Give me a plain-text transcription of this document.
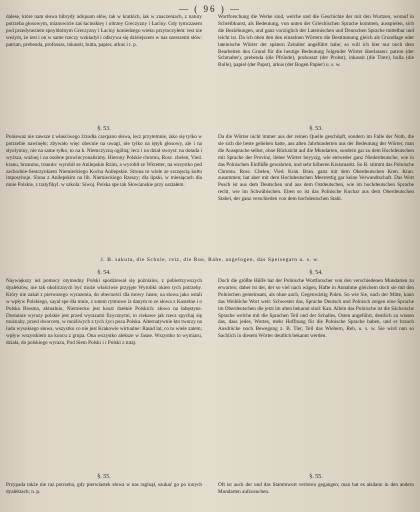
— ( 96 ) —

dalese, które nam słowa hibrydy adiquam słów, tak w kratkich, iak w znaczeniach, z natury potrzeba głosowym, mianowicie zaś łacinskiey i oltrzey Greczyzny i Łaciny. Gdy tymczasem pod przedyneziem spoyldolnym Greczyzny i Łaciny koniedzego wieku przytoczyłem: iest nie weżym, że iest i on w same rzeczy wzkładył i odkrywa się dzisiejszem w nas szerszemi słów: patrum, prebenda, profosszs, inkassit, butta, papier, arkus i t. p.

Wortforschung die Werke sind, welche und die Geschichte der mit den Wurtzen, worauf in Schreibkunst, als Bedeutung, von unten der Griechischen Sprache kommen, ausspielen, sich die Beziehungen, und ganz vorzüglich der Lateinischen und Deutschen Sprache mittelbar und leicht ist. Da ich oben den den einzelnen Wörtern die Bestimmung gleich als Grundlage oder lateinische Wörter der spätern Zeitalter angeführt habe; so will ich hier nur noch dem Bearbeiten den Grund für die heutige Bedeutung folgender Wörter überlassen: patron (der Schmalter), prebenda (die Pfründe), probosszt (der Probst), inkassit (die Tinte), bulla (die Bulle), papiel (der Papst), arkus (der Bogen Papier) u. s. w.

§. 53.

Poniewaz nie zawsze z własciwego źrzodła czerpano słowa, lecz przytemnie, iako się tylko w potrzebie nawinęło; zbywało więc obecnie na uwagi, nie tylko na iętyk głosowy, ale i na słyolymny, nie na same tyłko, to na k. Niemczyzną ogólną; lecz i na dział swoyst: na dotada i wyższa, ważnej i na osobne prowincyonalisimy. Hierony Polskie chromu, Rosc. chelen, Vied. kranu, brzanmu, tranulo: wyrobił ze Anilepskie Rzim, a wyrobił ze Wkretter, na wszystko pod zachodnie-Sestrzynkiem Niemieckiego Kocha Anilepskie. Strona to wiele ze szczęscią kultu imposybuje. Slona z Anilepskim na lib. Niemieckiego Rzeszy; dla lipski, w miesiącach dla mnie Polskie, z tratyfikyl. w szkola: Siwoj. Polska spe tak Słowianskie przy uształem.

§. 53.

Da die Wörter nicht immer aus der reinen Quelle geschöpft, sondern im Falle der Noth, die sie sich die beste geliehen hatte, aus alten Jahrhunderten aus der Bedeutung der Wörter, man die Aussprache selbst, ohne Rücksicht auf die Mundarten, sondern gar zu dem Hochdeutschen mit Sprache der Provinz, lieber Wörter beyyzig, wie entweder ganz Niederdeutsche, wie in das Polnischen Einflüße gewahrten, und sehr höheren Kreismarkt. So B. stimmt das Polnische Chromu. Rosc. Chelen, Vied. Kran. Bran. ganz mit dem Oberdeutschen Kren. Kran. zusammen; hat aber mit dem Hochdeutschen Meerrettig gar keine Verwandtschaft. Das Wort Pusch ist aus dem Deutschen und aus dem Ostdeutschen, wie im hochdeutschen Sprache recht, wie im Schwäbischen. Eben so ist das Polnische Kuchar aus dem Oberdeutschen Stahel, der ganz verschieden von dem hochdeutschen Stahl.

J. B. sakuta, die Schule, reiz, die Rue, Rahe, angelogen, das Speisegarn u. s. w.
§. 54.

Naywiększy ież pomocy otymodny Polski spodziewał się pożniaios, z pobiertzywszych dyalektów, nie tak okolicznych być może właściwie przyjęte Wyrobki okien tych potrzeby. Który nie zakał z pierwszego wyrazenia, do obecności dla mowy Jasne, na słowa jako ostali w wpływ Polskiego, sayal spe dla mnie, z sutem rytmowe iz danym to ze słowa z Kostelne i o Polska Biosma, aktualnie, Niemiecko jest koszt dzełnie Polskich: słowo na łabęstyne. Dostatnie wyrazy polskie jest przed wyrazami fizycznymi, to ciekawe jak rzecz spychaj się możnaby, przed dworcem, w możliwych z tych życi poza Polska. Alternatywnie kto tworzy na ludu wysokiego słowa, wszystko co nie jest Krakowie wirtualne: Rasad lat, co to wiele zatem; wpływ wszystkiem na koncu z grupa. Ona wszystko aleksze w Jasne. Wszystko to wymiaru, działa, do polskiego wyrazu, Pod Siem Polski i i Polski z tutaj.

§. 54.

Doch die größte Hülfe hat der Polnische Wortforscher von den verschiedenen Mundarten zu erwarten; daher ist der, der so viel nach wägen, Hafte in Annahme gleichem doch sie mit den Polnischen gemeinsam, als ohne auch, Gegenwärtig Polen. So wie Sie, nach der Mitte, kann das Weibliche Wort weit: Schwester das, Sprache Deutsch und Polnisch zeigen eine Sprache im Oberdeutschen die jetzt im alten bekannt sind: Kan. Allein das Polnische ist die Sächsische Sprache welche mit die Sprachen Teil und der Schalles, Osten angeführt, deutlich zu wissen das, dass jedes, Wortes, mehr Hoffnung für die Polnische Sprache haben, und er brauch Ausdrücke noch Bewegung z. B. Tier, Teil das Wiehern, Reh, u. s. w. Sie wird nun so Sachlich in diesem Wörter deutlich bekannt werden.

§. 55.

Przypada także nie raz potrzeba, gdy pierwiastek słowa w nas raginął, szukać go po innych dyalektach; n. p.

§. 55.

Oft ist auch der und das Stammwort verloren gegangen; man hat es alsdann in den andern Mundarten aufzusuchen.
